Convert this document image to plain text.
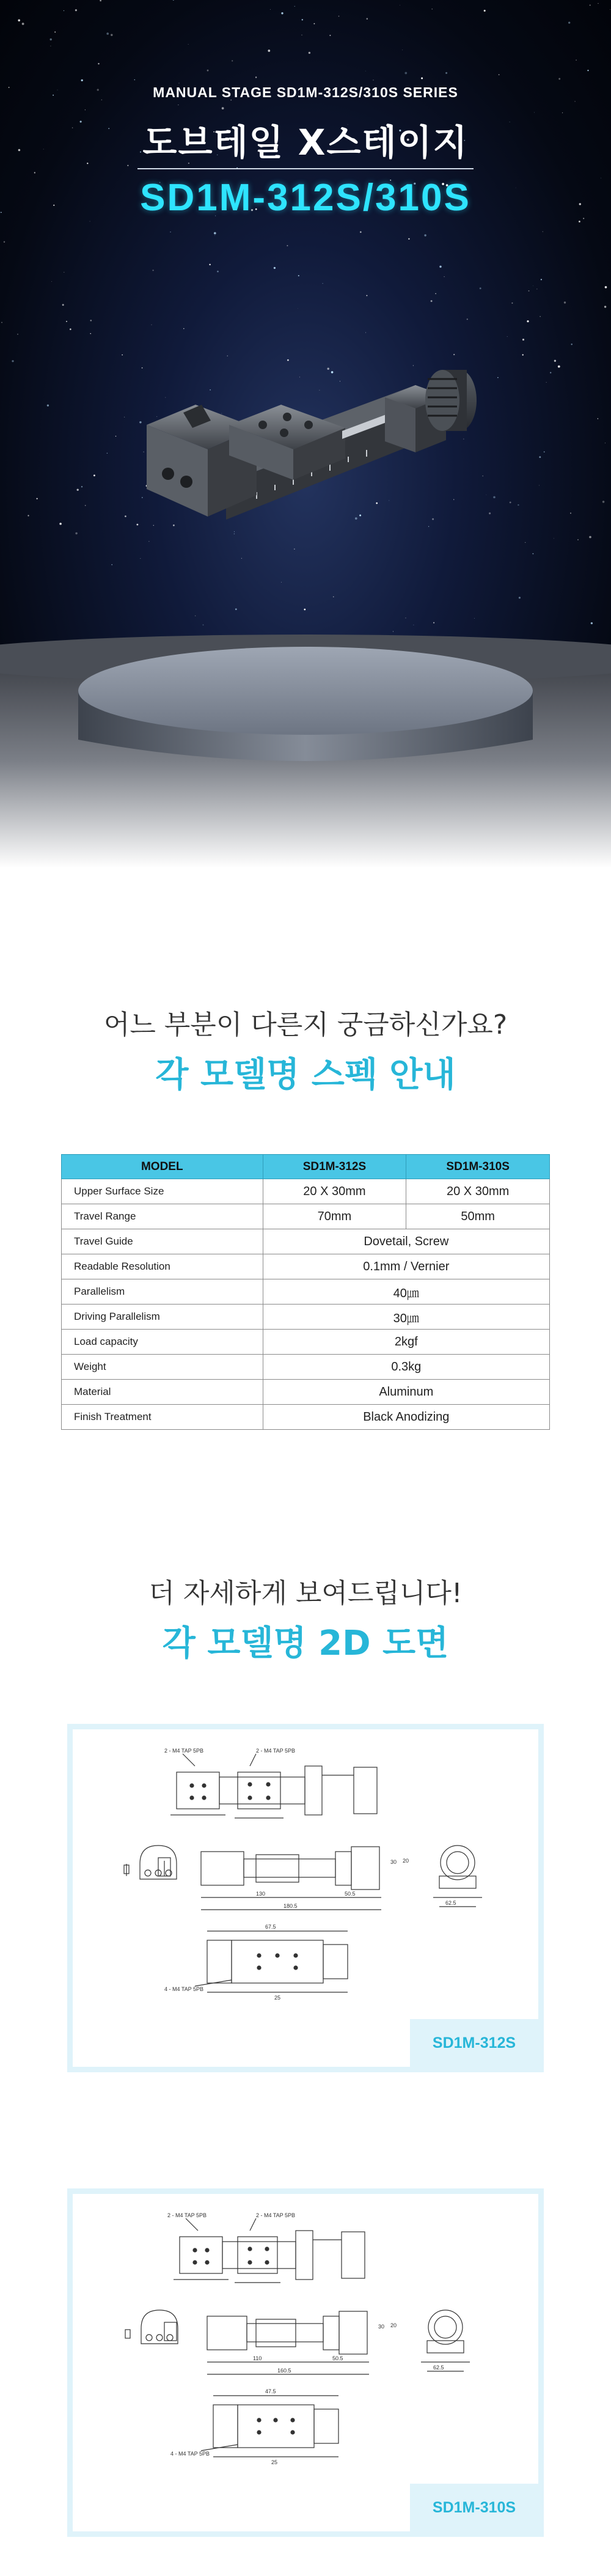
MANUAL STAGE SD1M-312S/310S SERIES
도브테일 X스테이지
SD1M-312S/310S
어느 부분이 다른지 궁금하신가요?
각 모델명 스펙 안내
MODEL	SD1M-312S	SD1M-310S
Upper Surface Size	20 X 30mm	20 X 30mm
Travel Range	70mm	50mm
Travel Guide	Dovetail, Screw	
Readable Resolution	0.1mm / Vernier	
Parallelism	40㎛	
Driving Parallelism	30㎛	
Load capacity	2kgf	
Weight	0.3kg	
Material	Aluminum	
Finish Treatment	Black Anodizing	
더 자세하게 보여드립니다!
각 모델명 2D 도면
2 - M4 TAP 5PB	2 - M4 TAP 5PB
130	50.5
180.5
30
62.5
20
67.5
4 - M4 TAP 5PB
25
SD1M-312S
2 - M4 TAP 5PB	2 - M4 TAP 5PB
110	50.5
160.5
30
62.5
20
47.5
4 - M4 TAP 5PB
25
SD1M-310S
